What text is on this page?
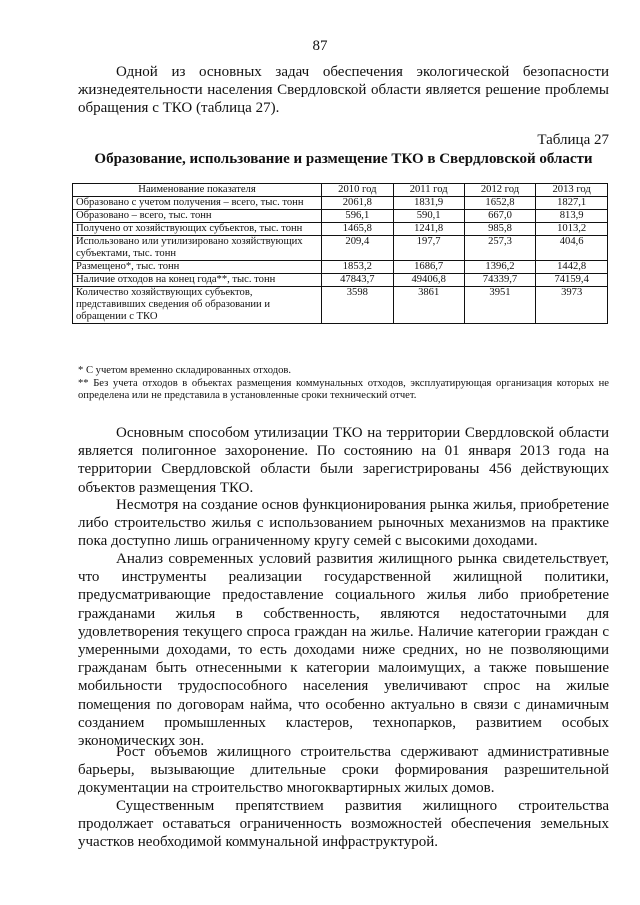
87

Одной из основных задач обеспечения экологической безопасности жизнедеятельности населения Свердловской области является решение проблемы обращения с ТКО (таблица 27).

Таблица 27
Образование, использование и размещение ТКО в Свердловской области
Наименование показателя	2010 год	2011 год	2012 год	2013 год
Образовано с учетом получения – всего, тыс. тонн	2061,8	1831,9	1652,8	1827,1
Образовано – всего, тыс. тонн	596,1	590,1	667,0	813,9
Получено от хозяйствующих субъектов, тыс. тонн	1465,8	1241,8	985,8	1013,2
Использовано или утилизировано хозяйствующих субъектами, тыс. тонн	209,4	197,7	257,3	404,6
Размещено*, тыс. тонн	1853,2	1686,7	1396,2	1442,8
Наличие отходов на конец года**, тыс. тонн	47843,7	49406,8	74339,7	74159,4
Количество хозяйствующих субъектов, представивших сведения об образовании и обращении с ТКО	3598	3861	3951	3973

* С учетом временно складированных отходов.

** Без учета отходов в объектах размещения коммунальных отходов, эксплуатирующая организация которых не определена или не представила в установленные сроки технический отчет.

Основным способом утилизации ТКО на территории Свердловской области является полигонное захоронение. По состоянию на 01 января 2013 года на территории Свердловской области были зарегистрированы 456 действующих объектов размещения ТКО.

Несмотря на создание основ функционирования рынка жилья, приобретение либо строительство жилья с использованием рыночных механизмов на практике пока доступно лишь ограниченному кругу семей с высокими доходами.

Анализ современных условий развития жилищного рынка свидетельствует, что инструменты реализации государственной жилищной политики, предусматривающие предоставление социального жилья либо приобретение гражданами жилья в собственность, являются недостаточными для удовлетворения текущего спроса граждан на жилье. Наличие категории граждан с умеренными доходами, то есть доходами ниже средних, но не позволяющими гражданам быть отнесенными к категории малоимущих, а также повышение мобильности трудоспособного населения увеличивают спрос на жилые помещения по договорам найма, что особенно актуально в связи с динамичным созданием промышленных кластеров, технопарков, развитием особых экономических зон.

Рост объемов жилищного строительства сдерживают административные барьеры, вызывающие длительные сроки формирования разрешительной документации на строительство многоквартирных жилых домов.

Существенным препятствием развития жилищного строительства продолжает оставаться ограниченность возможностей обеспечения земельных участков необходимой коммунальной инфраструктурой.
